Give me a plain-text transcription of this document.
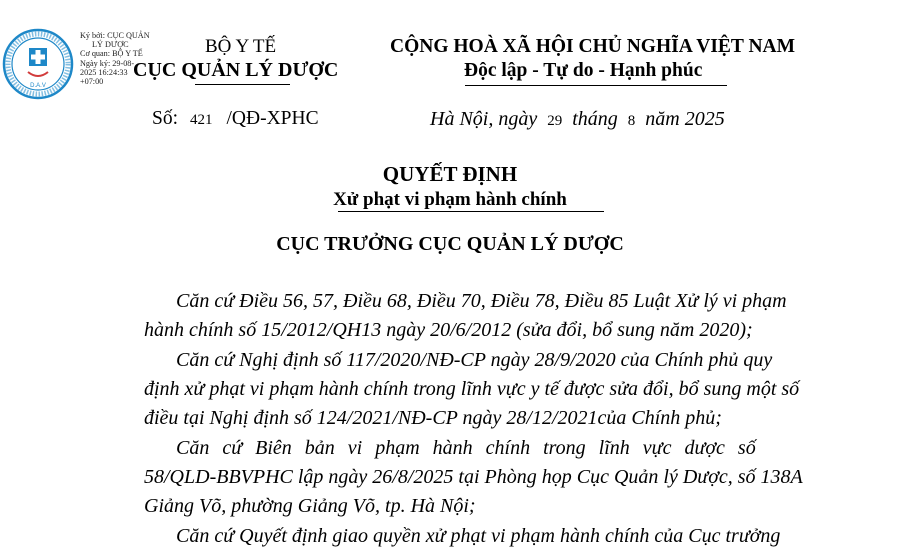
D.A.V
Ký bởi: CỤC QUẢN
LÝ DƯỢC
Cơ quan: BỘ Y TẾ
Ngày ký: 29-08-
2025 16:24:33
+07:00
BỘ Y TẾ
CỤC QUẢN LÝ DƯỢC
CỘNG HOÀ XÃ HỘI CHỦ NGHĨA VIỆT NAM
Độc lập - Tự do - Hạnh phúc
Số: 421 /QĐ-XPHC	Hà Nội, ngày 29 tháng 8 năm 2025
QUYẾT ĐỊNH
Xử phạt vi phạm hành chính
CỤC TRƯỞNG CỤC QUẢN LÝ DƯỢC
Căn cứ Điều 56, 57, Điều 68, Điều 70, Điều 78, Điều 85 Luật Xử lý vi phạm
hành chính số 15/2012/QH13 ngày 20/6/2012 (sửa đổi, bổ sung năm 2020);
Căn cứ Nghị định số 117/2020/NĐ-CP ngày 28/9/2020 của Chính phủ quy
định xử phạt vi phạm hành chính trong lĩnh vực y tế được sửa đổi, bổ sung một số
điều tại Nghị định số 124/2021/NĐ-CP ngày 28/12/2021của Chính phủ;
Căn cứ Biên bản vi phạm hành chính trong lĩnh vực dược số
58/QLD-BBVPHC lập ngày 26/8/2025 tại Phòng họp Cục Quản lý Dược, số 138A
Giảng Võ, phường Giảng Võ, tp. Hà Nội;
Căn cứ Quyết định giao quyền xử phạt vi phạm hành chính của Cục trưởng
